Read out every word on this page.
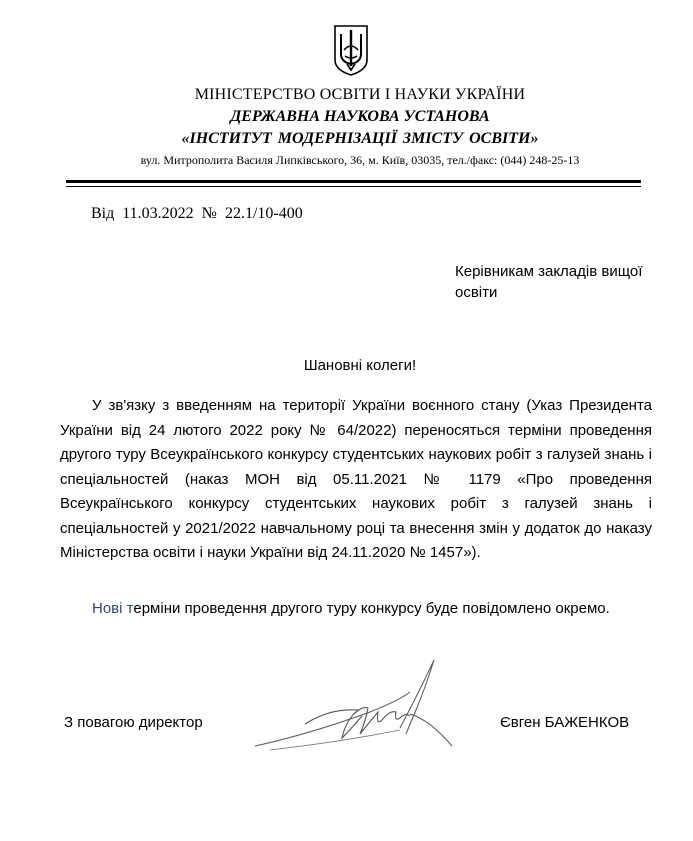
МІНІСТЕРСТВО ОСВІТИ І НАУКИ УКРАЇНИ
ДЕРЖАВНА НАУКОВА УСТАНОВА
«ІНСТИТУТ МОДЕРНІЗАЦІЇ ЗМІСТУ ОСВІТИ»
вул. Митрополита Василя Липківського, 36, м. Київ, 03035, тел./факс: (044) 248-25-13
Від 11.03.2022 № 22.1/10-400
Керівникам закладів вищої освіти
Шановні колеги!
У зв'язку з введенням на території України воєнного стану (Указ Президента України від 24 лютого 2022 року № 64/2022) переносяться терміни проведення другого туру Всеукраїнського конкурсу студентських наукових робіт з галузей знань і спеціальностей (наказ МОН від 05.11.2021 № 1179 «Про проведення Всеукраїнського конкурсу студентських наукових робіт з галузей знань і спеціальностей у 2021/2022 навчальному році та внесення змін у додаток до наказу Міністерства освіти і науки України від 24.11.2020 № 1457»).
Нові терміни проведення другого туру конкурсу буде повідомлено окремо.
З повагою директор	Євген БАЖЕНКОВ
